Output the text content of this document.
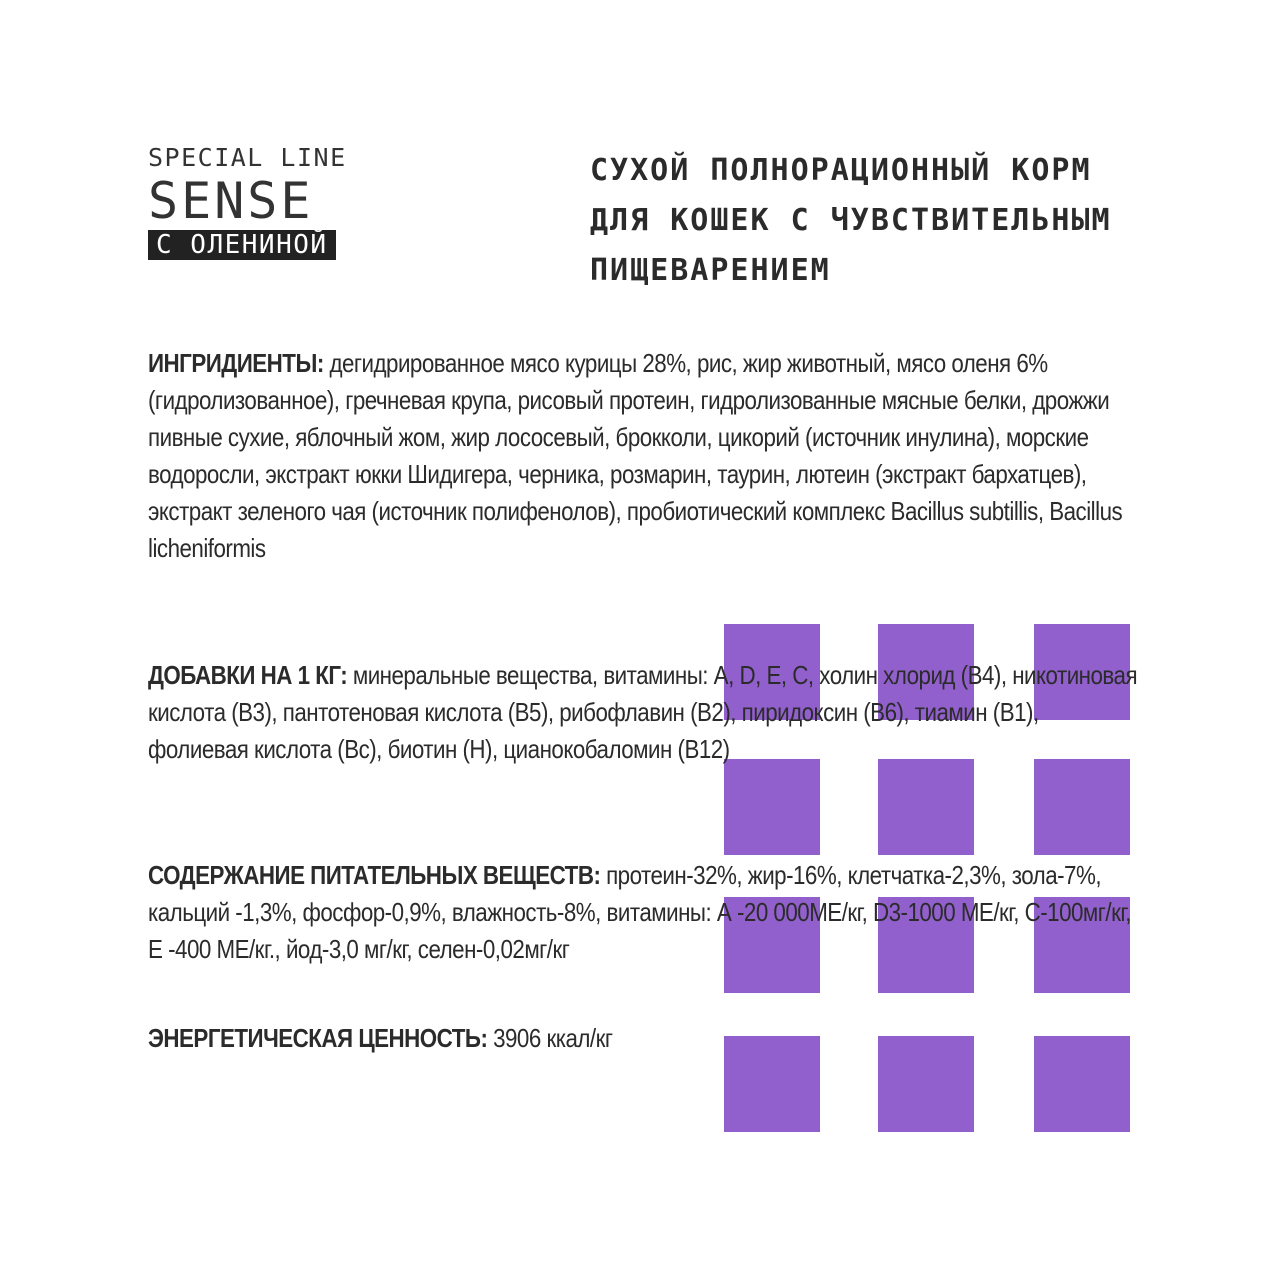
SPECIAL LINE
SENSE
С ОЛЕНИНОЙ
СУХОЙ ПОЛНОРАЦИОННЫЙ КОРМ
ДЛЯ КОШЕК С ЧУВСТВИТЕЛЬНЫМ
ПИЩЕВАРЕНИЕМ
ИНГРИДИЕНТЫ: дегидрированное мясо курицы 28%, рис, жир животный, мясо оленя 6% (гидролизованное), гречневая крупа, рисовый протеин, гидролизованные мясные белки, дрожжи пивные сухие, яблочный жом, жир лососевый, брокколи, цикорий (источник инулина), морские водоросли, экстракт юкки Шидигера, черника, розмарин, таурин, лютеин (экстракт бархатцев), экстракт зеленого чая (источник полифенолов), пробиотический комплекс Bacillus subtillis, Bacillus licheniformis
ДОБАВКИ НА 1 КГ: минеральные вещества, витамины: А, D, Е, С, холин хлорид (В4), никотиновая кислота (В3), пантотеновая кислота (В5), рибофлавин (В2), пиридоксин (В6), тиамин (В1), фолиевая кислота (Вс), биотин (Н), цианокобаломин (В12)
СОДЕРЖАНИЕ ПИТАТЕЛЬНЫХ ВЕЩЕСТВ: протеин-32%, жир-16%, клетчатка-2,3%, зола-7%, кальций -1,3%, фосфор-0,9%, влажность-8%, витамины: А -20 000МЕ/кг, D3-1000 МЕ/кг, С-100мг/кг, Е -400 МЕ/кг., йод-3,0 мг/кг, селен-0,02мг/кг
ЭНЕРГЕТИЧЕСКАЯ ЦЕННОСТЬ: 3906 ккал/кг
